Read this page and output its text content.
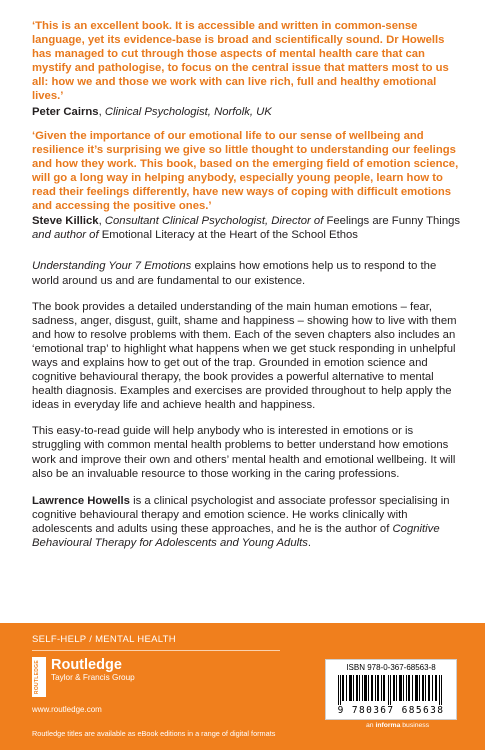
‘This is an excellent book. It is accessible and written in common-sense language, yet its evidence-base is broad and scientifically sound. Dr Howells has managed to cut through those aspects of mental health care that can mystify and pathologise, to focus on the central issue that matters most to us all: how we and those we work with can live rich, full and healthy emotional lives.’

Peter Cairns, Clinical Psychologist, Norfolk, UK

‘Given the importance of our emotional life to our sense of wellbeing and resilience it’s surprising we give so little thought to understanding our feelings and how they work. This book, based on the emerging field of emotion science, will go a long way in helping anybody, especially young people, learn how to read their feelings differently, have new ways of coping with difficult emotions and accessing the positive ones.’

Steve Killick, Consultant Clinical Psychologist, Director of Feelings are Funny Things and author of Emotional Literacy at the Heart of the School Ethos

Understanding Your 7 Emotions explains how emotions help us to respond to the world around us and are fundamental to our existence.

The book provides a detailed understanding of the main human emotions – fear, sadness, anger, disgust, guilt, shame and happiness – showing how to live with them and how to resolve problems with them. Each of the seven chapters also includes an ‘emotional trap’ to highlight what happens when we get stuck responding in unhelpful ways and explains how to get out of the trap. Grounded in emotion science and cognitive behavioural therapy, the book provides a powerful alternative to mental health diagnosis. Examples and exercises are provided throughout to help apply the ideas in everyday life and achieve health and happiness.

This easy-to-read guide will help anybody who is interested in emotions or is struggling with common mental health problems to better understand how emotions work and improve their own and others’ mental health and emotional wellbeing. It will also be an invaluable resource to those working in the caring professions.

Lawrence Howells is a clinical psychologist and associate professor specialising in cognitive behavioural therapy and emotion science. He works clinically with adolescents and adults using these approaches, and he is the author of Cognitive Behavioural Therapy for Adolescents and Young Adults.

SELF-HELP / MENTAL HEALTH
ROUTLEDGE Routledge
Taylor & Francis Group
www.routledge.com
Routledge titles are available as eBook editions in a range of digital formats
ISBN 978-0-367-68563-8
9 780367 685638
an informa business
